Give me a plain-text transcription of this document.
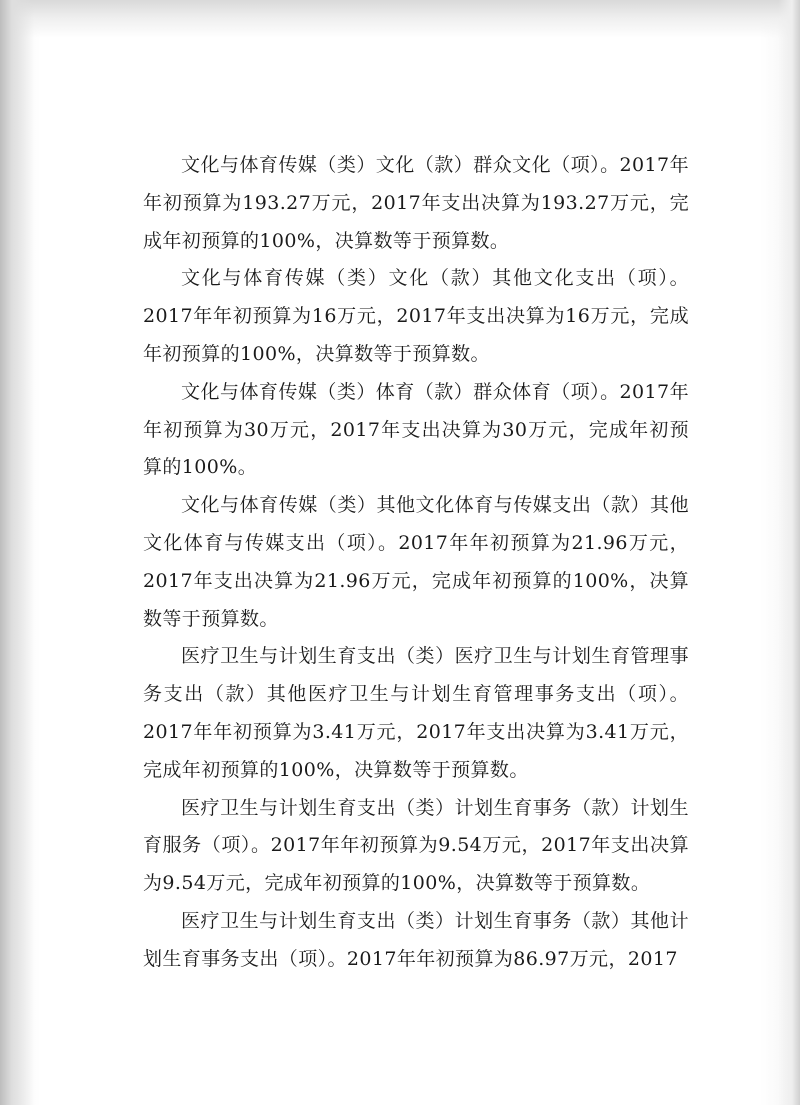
文化与体育传媒（类）文化（款）群众文化（项）。2017年年初预算为193.27万元，2017年支出决算为193.27万元，完成年初预算的100%，决算数等于预算数。

文化与体育传媒（类）文化（款）其他文化支出（项）。2017年年初预算为16万元，2017年支出决算为16万元，完成年初预算的100%，决算数等于预算数。

文化与体育传媒（类）体育（款）群众体育（项）。2017年年初预算为30万元，2017年支出决算为30万元，完成年初预算的100%。

文化与体育传媒（类）其他文化体育与传媒支出（款）其他文化体育与传媒支出（项）。2017年年初预算为21.96万元，2017年支出决算为21.96万元，完成年初预算的100%，决算数等于预算数。

医疗卫生与计划生育支出（类）医疗卫生与计划生育管理事务支出（款）其他医疗卫生与计划生育管理事务支出（项）。2017年年初预算为3.41万元，2017年支出决算为3.41万元，完成年初预算的100%，决算数等于预算数。

医疗卫生与计划生育支出（类）计划生育事务（款）计划生育服务（项）。2017年年初预算为9.54万元，2017年支出决算为9.54万元，完成年初预算的100%，决算数等于预算数。

医疗卫生与计划生育支出（类）计划生育事务（款）其他计划生育事务支出（项）。2017年年初预算为86.97万元，2017
